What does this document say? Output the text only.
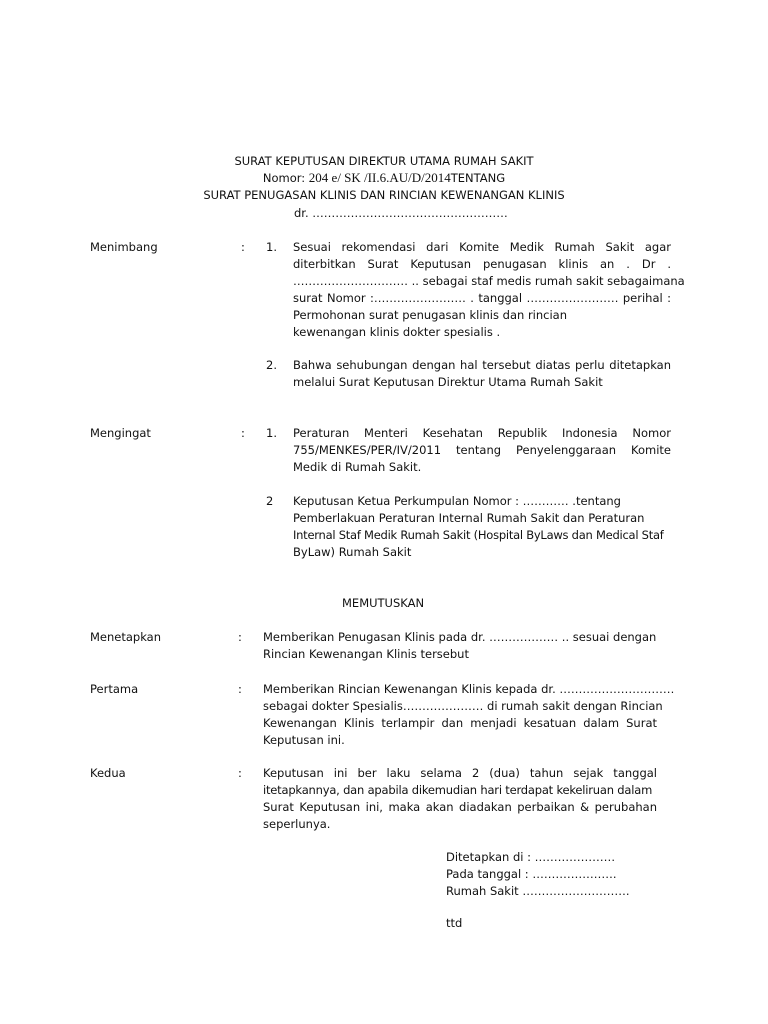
SURAT KEPUTUSAN DIREKTUR UTAMA RUMAH SAKIT
Nomor: 204 e/ SK /II.6.AU/D/2014TENTANG
SURAT PENUGASAN KLINIS DAN RINCIAN KEWENANGAN KLINIS
dr. ……………………………………………
Menimbang	: 1. Sesuai rekomendasi dari Komite Medik Rumah Sakit agar
diterbitkan Surat Keputusan penugasan klinis an . Dr .
………………………… .. sebagai staf medis rumah sakit sebagaimana
surat Nomor :…………………… . tanggal …………………… perihal :
Permohonan surat penugasan klinis dan rincian
kewenangan klinis dokter spesialis .
2. Bahwa sehubungan dengan hal tersebut diatas perlu ditetapkan
melalui Surat Keputusan Direktur Utama Rumah Sakit
Mengingat	: 1. Peraturan Menteri Kesehatan Republik Indonesia Nomor
755/MENKES/PER/IV/2011 tentang Penyelenggaraan Komite
Medik di Rumah Sakit.
2 Keputusan Ketua Perkumpulan Nomor : ………… .tentang
Pemberlakuan Peraturan Internal Rumah Sakit dan Peraturan
Internal Staf Medik Rumah Sakit (Hospital ByLaws dan Medical Staf
ByLaw) Rumah Sakit
MEMUTUSKAN
Menetapkan	: Memberikan Penugasan Klinis pada dr. ……………… .. sesuai dengan
Rincian Kewenangan Klinis tersebut
Pertama	: Memberikan Rincian Kewenangan Klinis kepada dr. …………………………
sebagai dokter Spesialis………………… di rumah sakit dengan Rincian
Kewenangan Klinis terlampir dan menjadi kesatuan dalam Surat
Keputusan ini.
Kedua	: Keputusan ini ber laku selama 2 (dua) tahun sejak tanggal
itetapkannya, dan apabila dikemudian hari terdapat kekeliruan dalam
Surat Keputusan ini, maka akan diadakan perbaikan & perubahan
seperlunya.
Ditetapkan di : …………………
Pada tanggal : ………………….
Rumah Sakit ……………………….
ttd
